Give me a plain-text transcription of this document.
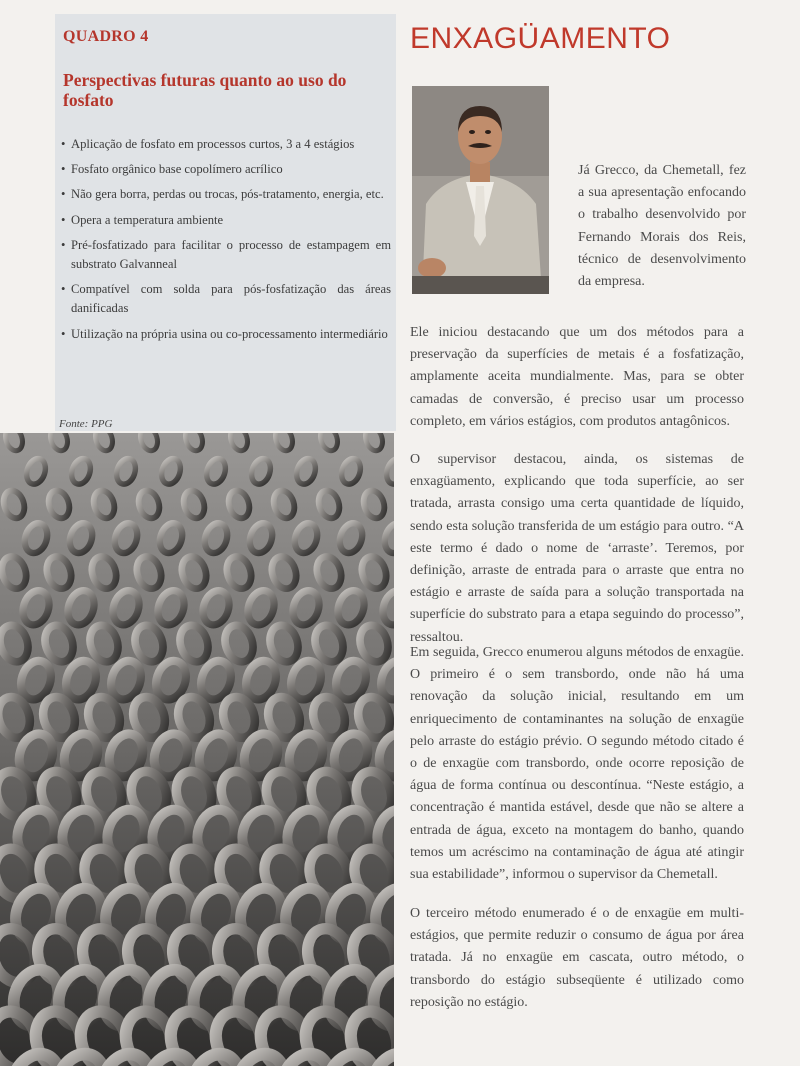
QUADRO 4
Perspectivas futuras quanto ao uso do fosfato
• Aplicação de fosfato em processos curtos, 3 a 4 estágios
• Fosfato orgânico base copolímero acrílico
• Não gera borra, perdas ou trocas, pós-tratamento, energia, etc.
• Opera a temperatura ambiente
• Pré-fosfatizado para facilitar o processo de estampagem em substrato Galvanneal
• Compatível com solda para pós-fosfatização das áreas danificadas
• Utilização na própria usina ou co-processamento intermediário
Fonte: PPG
ENXAGÜAMENTO
Já Grecco, da Chemetall, fez a sua apresentação enfocando o trabalho desenvolvido por Fernando Morais dos Reis, técnico de desenvolvimento da empresa.

Ele iniciou destacando que um dos métodos para a preservação da superfícies de metais é a fosfatização, amplamente aceita mundialmente. Mas, para se obter camadas de conversão, é preciso usar um processo completo, em vários estágios, com produtos antagônicos.

O supervisor destacou, ainda, os sistemas de enxagüamento, explicando que toda superfície, ao ser tratada, arrasta consigo uma certa quantidade de líquido, sendo esta solução transferida de um estágio para outro. “A este termo é dado o nome de ‘arraste’. Teremos, por definição, arraste de entrada para o arraste que entra no estágio e arraste de saída para a solução transportada na superfície do substrato para a etapa seguindo do processo”, ressaltou.

Em seguida, Grecco enumerou alguns métodos de enxagüe. O primeiro é o sem transbordo, onde não há uma renovação da solução inicial, resultando em um enriquecimento de contaminantes na solução de enxagüe pelo arraste do estágio prévio. O segundo método citado é o de enxagüe com transbordo, onde ocorre reposição de água de forma contínua ou descontínua. “Neste estágio, a concentração é mantida estável, desde que não se altere a entrada de água, exceto na montagem do banho, quando temos um acréscimo na contaminação de água até atingir sua estabilidade”, informou o supervisor da Chemetall.

O terceiro método enumerado é o de enxagüe em multi-estágios, que permite reduzir o consumo de água por área tratada. Já no enxagüe em cascata, outro método, o transbordo do estágio subseqüente é utilizado como reposição no estágio.
